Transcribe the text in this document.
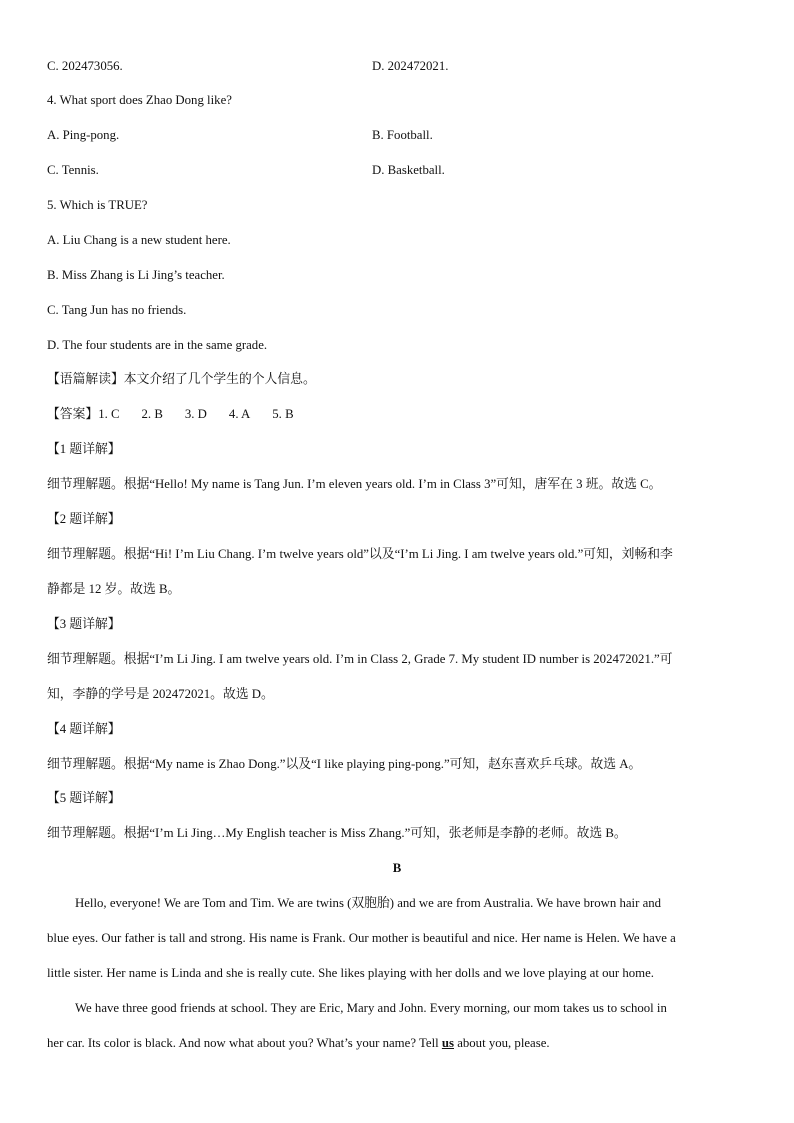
C. 202473056.	D. 202472021.
4. What sport does Zhao Dong like?
A. Ping-pong.	B. Football.
C. Tennis.	D. Basketball.
5. Which is TRUE?
A. Liu Chang is a new student here.
B. Miss Zhang is Li Jing’s teacher.
C. Tang Jun has no friends.
D. The four students are in the same grade.
【语篇解读】本文介绍了几个学生的个人信息。
【答案】1. C 2. B 3. D 4. A 5. B
【1 题详解】
细节理解题。根据“Hello! My name is Tang Jun. I’m eleven years old. I’m in Class 3”可知，唐军在 3 班。故选 C。
【2 题详解】
细节理解题。根据“Hi! I’m Liu Chang. I’m twelve years old”以及“I’m Li Jing. I am twelve years old.”可知，刘畅和李
静都是 12 岁。故选 B。
【3 题详解】
细节理解题。根据“I’m Li Jing. I am twelve years old. I’m in Class 2, Grade 7. My student ID number is 202472021.”可
知，李静的学号是 202472021。故选 D。
【4 题详解】
细节理解题。根据“My name is Zhao Dong.”以及“I like playing ping-pong.”可知，赵东喜欢乒乓球。故选 A。
【5 题详解】
细节理解题。根据“I’m Li Jing…My English teacher is Miss Zhang.”可知，张老师是李静的老师。故选 B。
B
Hello, everyone! We are Tom and Tim. We are twins (双胞胎) and we are from Australia. We have brown hair and
blue eyes. Our father is tall and strong. His name is Frank. Our mother is beautiful and nice. Her name is Helen. We have a
little sister. Her name is Linda and she is really cute. She likes playing with her dolls and we love playing at our home.
We have three good friends at school. They are Eric, Mary and John. Every morning, our mom takes us to school in
her car. Its color is black. And now what about you? What’s your name? Tell us about you, please.
